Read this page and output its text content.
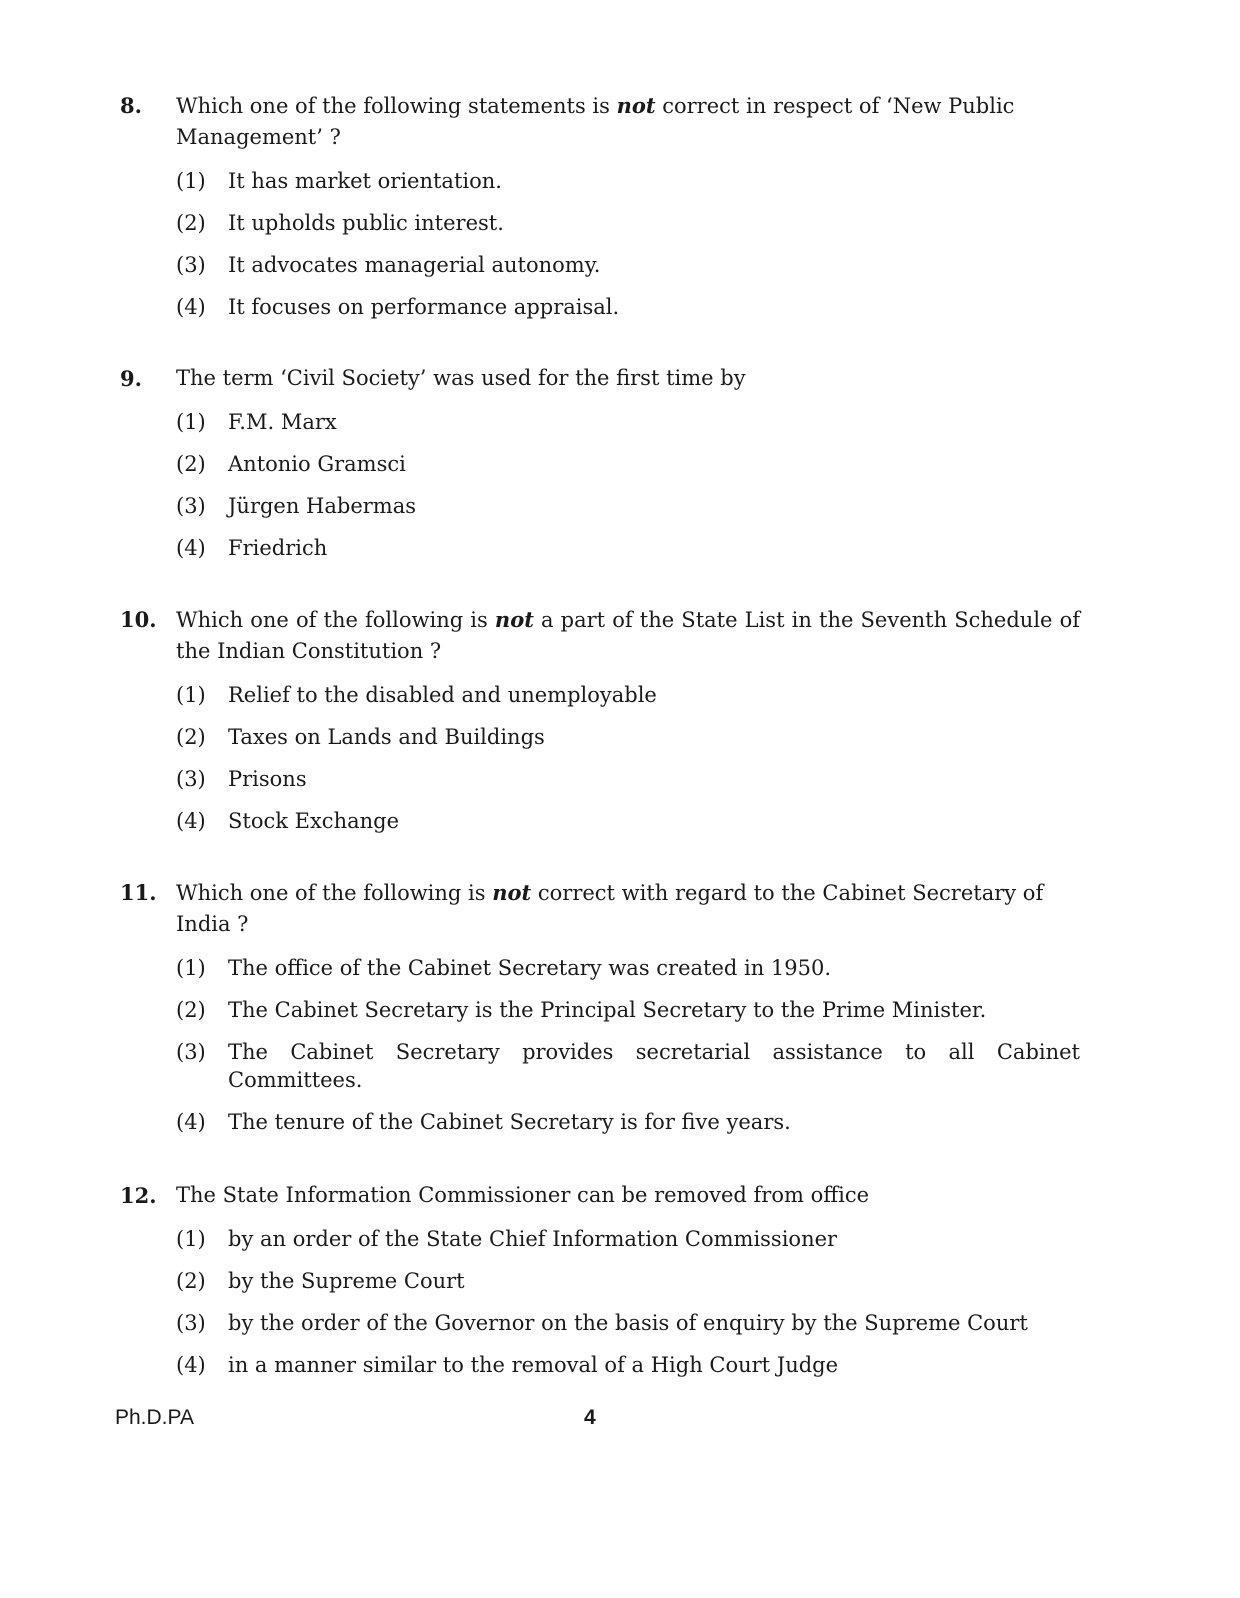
8.	Which one of the following statements is not correct in respect of ‘New Public Management’ ?
(1)	It has market orientation.
(2)	It upholds public interest.
(3)	It advocates managerial autonomy.
(4)	It focuses on performance appraisal.
9.	The term ‘Civil Society’ was used for the first time by
(1)	F.M. Marx
(2)	Antonio Gramsci
(3)	Jürgen Habermas
(4)	Friedrich
10. Which one of the following is not a part of the State List in the Seventh Schedule of the Indian Constitution ?
(1)	Relief to the disabled and unemployable
(2)	Taxes on Lands and Buildings
(3)	Prisons
(4)	Stock Exchange
11. Which one of the following is not correct with regard to the Cabinet Secretary of India ?
(1)	The office of the Cabinet Secretary was created in 1950.
(2)	The Cabinet Secretary is the Principal Secretary to the Prime Minister.
(3)	The Cabinet Secretary provides secretarial assistance to all Cabinet Committees.
(4)	The tenure of the Cabinet Secretary is for five years.
12. The State Information Commissioner can be removed from office
(1)	by an order of the State Chief Information Commissioner
(2)	by the Supreme Court
(3)	by the order of the Governor on the basis of enquiry by the Supreme Court
(4)	in a manner similar to the removal of a High Court Judge
Ph.D.PA	4
